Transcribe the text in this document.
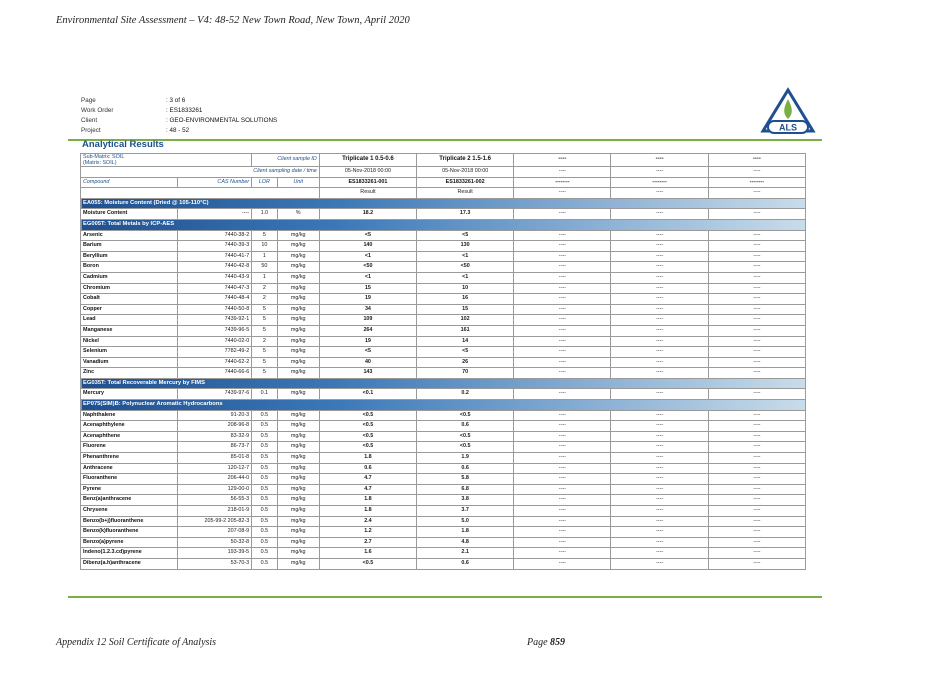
Environmental Site Assessment – V4: 48-52 New Town Road, New Town, April 2020
Page	: 3 of 6
Work Order	: ES1833261
Client	: GEO-ENVIRONMENTAL SOLUTIONS
Project	: 48 - 52	ALS
Analytical Results
Sub-Matrix: SOIL
(Matrix: SOIL)		Client sample ID		Triplicate 1 0.5-0.6	Triplicate 2 1.5-1.6	----	----	----
Client sampling date / time				05-Nov-2018 00:00	05-Nov-2018 00:00	----	----	----
Compound	CAS Number	LOR	Unit	ES1833261-001	ES1833261-002	--------	--------	--------
				Result	Result	----	----	----
EA055: Moisture Content (Dried @ 105-110°C)								
Moisture Content	----	1.0	%	18.2	17.3	----	----	----
EG005T: Total Metals by ICP-AES								
Arsenic	7440-38-2	5	mg/kg	<5	<5	----	----	----
Barium	7440-39-3	10	mg/kg	140	130	----	----	----
Beryllium	7440-41-7	1	mg/kg	<1	<1	----	----	----
Boron	7440-42-8	50	mg/kg	<50	<50	----	----	----
Cadmium	7440-43-9	1	mg/kg	<1	<1	----	----	----
Chromium	7440-47-3	2	mg/kg	15	10	----	----	----
Cobalt	7440-48-4	2	mg/kg	19	16	----	----	----
Copper	7440-50-8	5	mg/kg	34	15	----	----	----
Lead	7439-92-1	5	mg/kg	109	102	----	----	----
Manganese	7439-96-5	5	mg/kg	264	161	----	----	----
Nickel	7440-02-0	2	mg/kg	19	14	----	----	----
Selenium	7782-49-2	5	mg/kg	<5	<5	----	----	----
Vanadium	7440-62-2	5	mg/kg	40	26	----	----	----
Zinc	7440-66-6	5	mg/kg	143	70	----	----	----
EG035T: Total Recoverable Mercury by FIMS								
Mercury	7439-97-6	0.1	mg/kg	<0.1	0.2	----	----	----
EP075(SIM)B: Polynuclear Aromatic Hydrocarbons								
Naphthalene	91-20-3	0.5	mg/kg	<0.5	<0.5	----	----	----
Acenaphthylene	208-96-8	0.5	mg/kg	<0.5	0.6	----	----	----
Acenaphthene	83-32-9	0.5	mg/kg	<0.5	<0.5	----	----	----
Fluorene	86-73-7	0.5	mg/kg	<0.5	<0.5	----	----	----
Phenanthrene	85-01-8	0.5	mg/kg	1.8	1.9	----	----	----
Anthracene	120-12-7	0.5	mg/kg	0.6	0.6	----	----	----
Fluoranthene	206-44-0	0.5	mg/kg	4.7	5.8	----	----	----
Pyrene	129-00-0	0.5	mg/kg	4.7	6.8	----	----	----
Benz(a)anthracene	56-55-3	0.5	mg/kg	1.8	3.8	----	----	----
Chrysene	218-01-9	0.5	mg/kg	1.8	3.7	----	----	----
Benzo(b+j)fluoranthene	205-99-2 205-82-3	0.5	mg/kg	2.4	5.0	----	----	----
Benzo(k)fluoranthene	207-08-9	0.5	mg/kg	1.2	1.8	----	----	----
Benzo(a)pyrene	50-32-8	0.5	mg/kg	2.7	4.8	----	----	----
Indeno(1.2.3.cd)pyrene	193-39-5	0.5	mg/kg	1.6	2.1	----	----	----
Dibenz(a.h)anthracene	53-70-3	0.5	mg/kg	<0.5	0.6	----	----	----
Appendix 12 Soil Certificate of Analysis	Page 859
